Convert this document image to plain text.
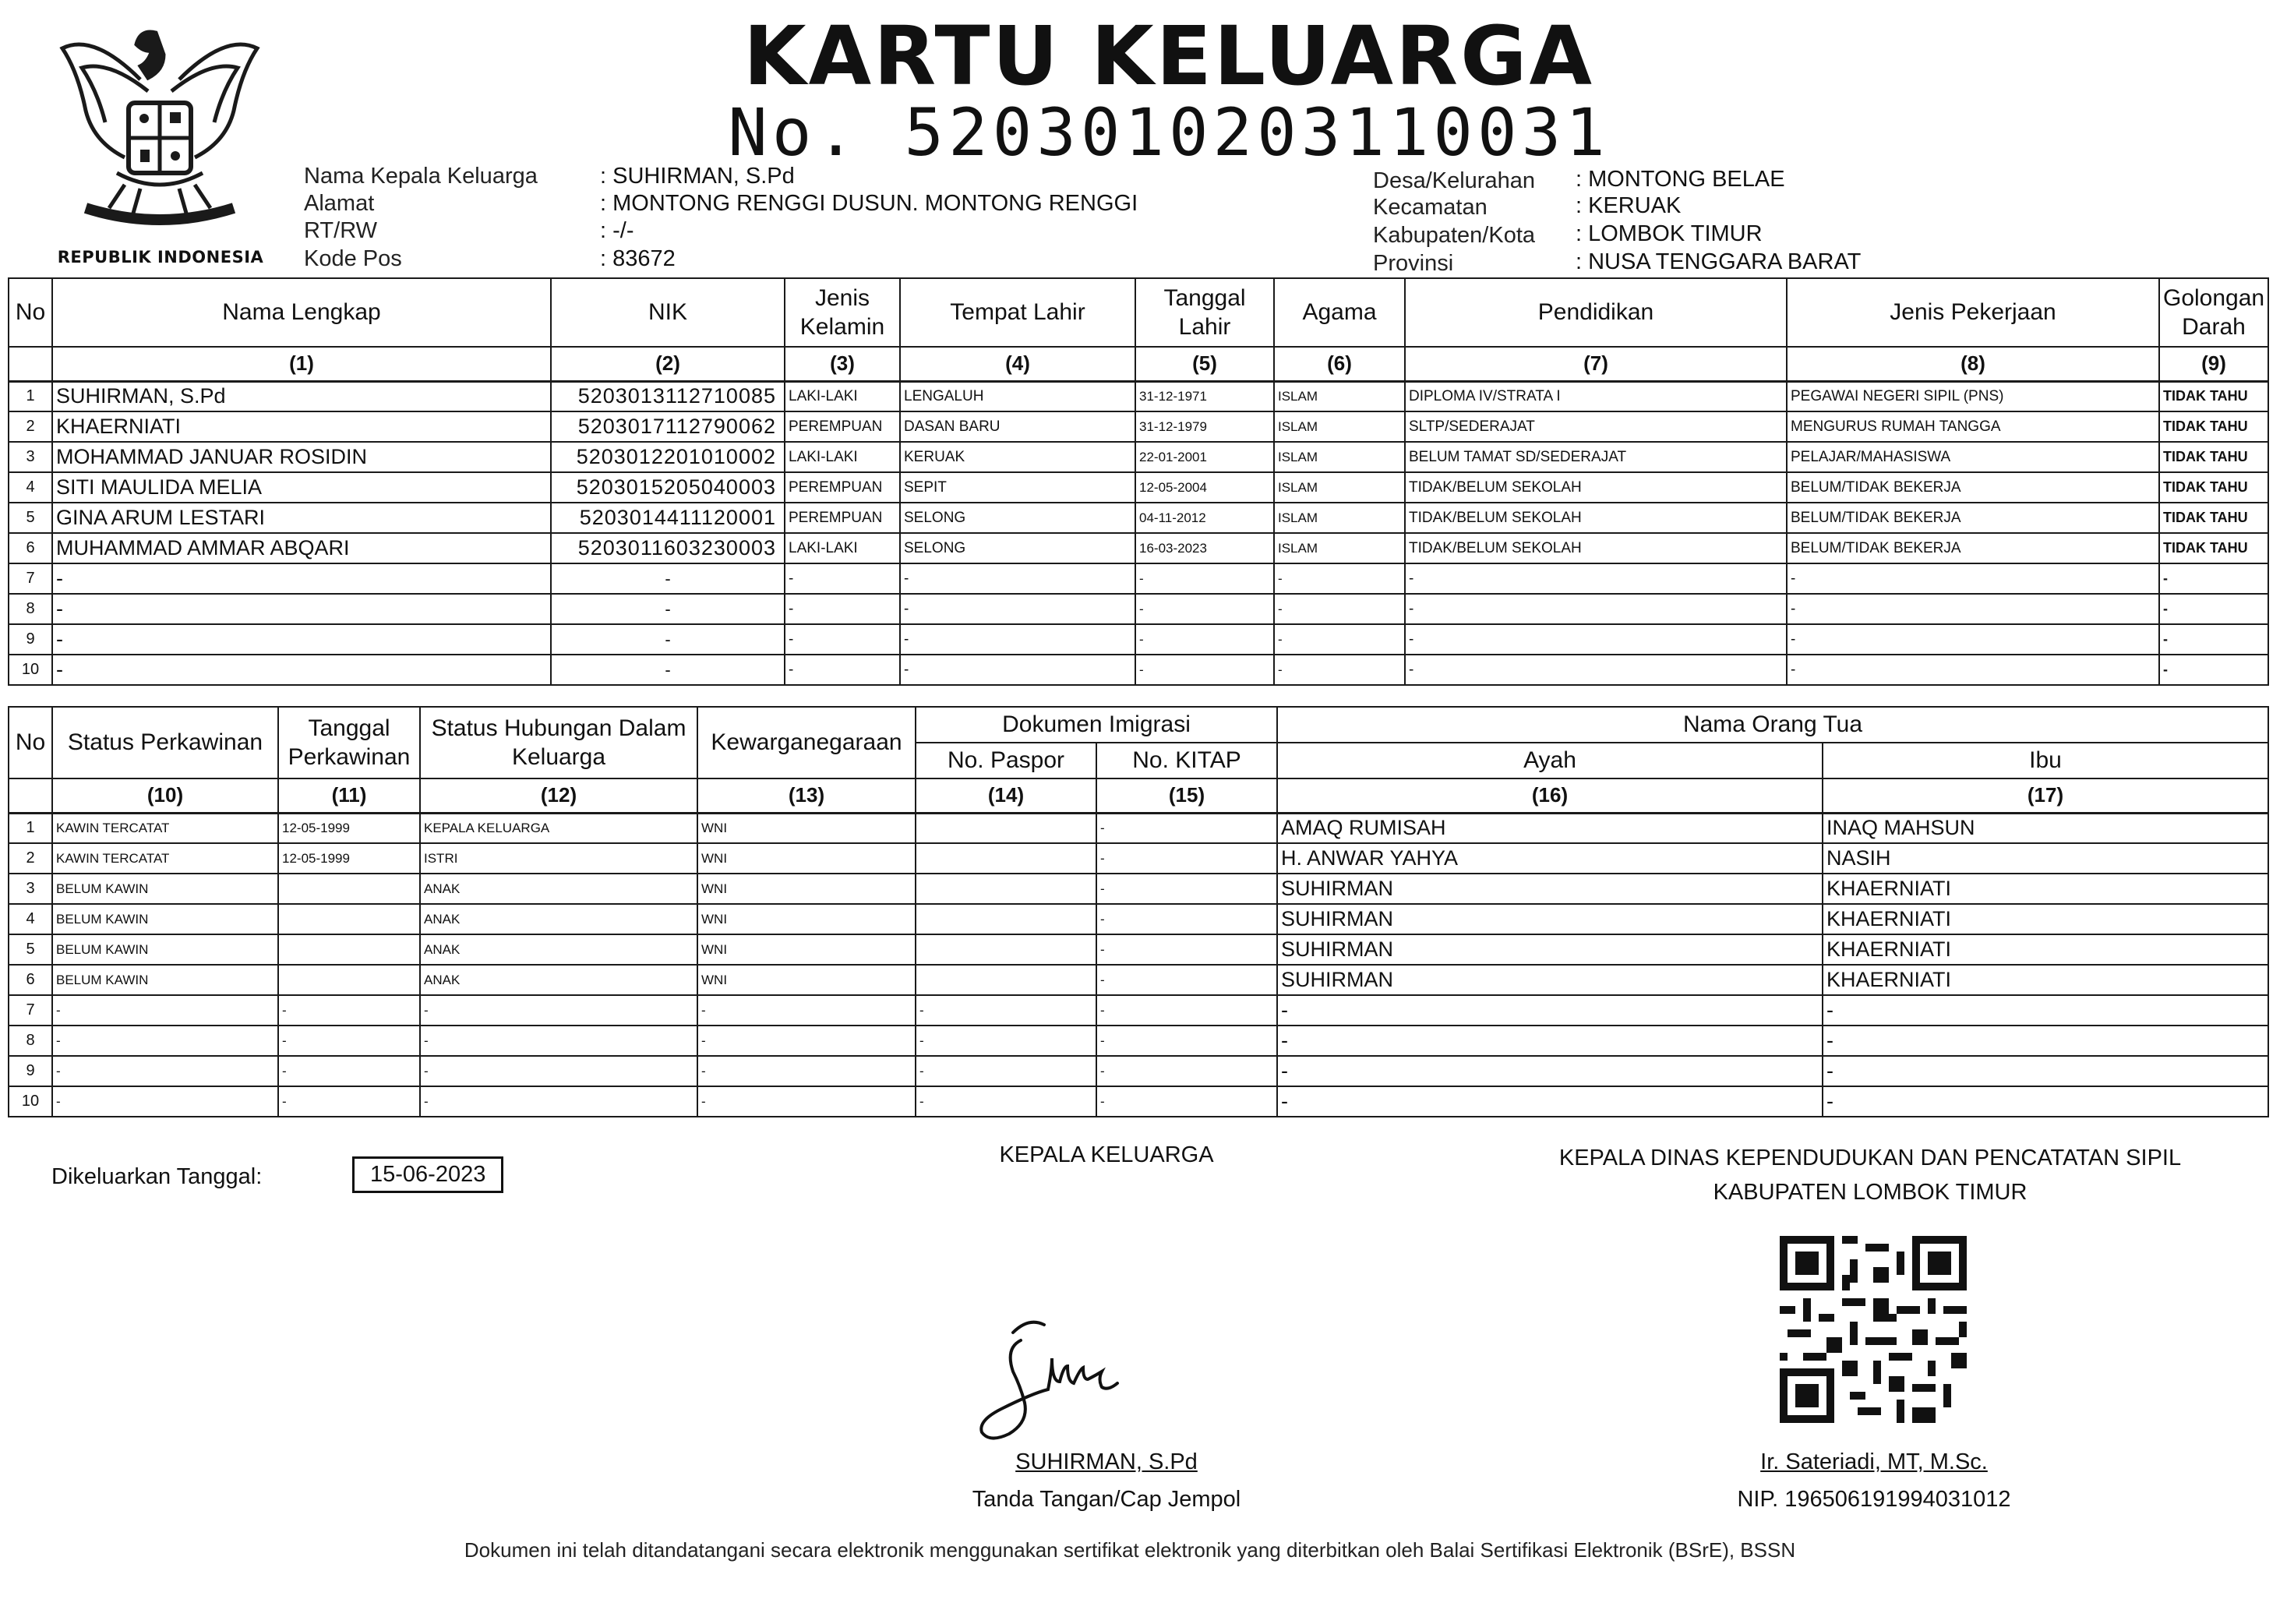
REPUBLIK INDONESIA
KARTU KELUARGA
No. 5203010203110031
Nama Kepala Keluarga	: SUHIRMAN, S.Pd
Alamat	: MONTONG RENGGI DUSUN. MONTONG RENGGI
RT/RW	: -/-
Kode Pos	: 83672
Desa/Kelurahan : MONTONG BELAE
Kecamatan	: KERUAK
Kabupaten/Kota : LOMBOK TIMUR
Provinsi	: NUSA TENGGARA BARAT
No	Nama Lengkap	NIK	Jenis Kelamin	Tempat Lahir	Tanggal Lahir	Agama	Pendidikan	Jenis Pekerjaan	Golongan Darah
	(1)	(2)	(3)	(4)	(5)	(6)	(7)	(8)	(9)
1	SUHIRMAN, S.Pd	5203013112710085	LAKI-LAKI	LENGALUH	31-12-1971	ISLAM	DIPLOMA IV/STRATA I	PEGAWAI NEGERI SIPIL (PNS)	TIDAK TAHU
2	KHAERNIATI	5203017112790062	PEREMPUAN	DASAN BARU	31-12-1979	ISLAM	SLTP/SEDERAJAT	MENGURUS RUMAH TANGGA	TIDAK TAHU
3	MOHAMMAD JANUAR ROSIDIN	5203012201010002	LAKI-LAKI	KERUAK	22-01-2001	ISLAM	BELUM TAMAT SD/SEDERAJAT	PELAJAR/MAHASISWA	TIDAK TAHU
4	SITI MAULIDA MELIA	5203015205040003	PEREMPUAN	SEPIT	12-05-2004	ISLAM	TIDAK/BELUM SEKOLAH	BELUM/TIDAK BEKERJA	TIDAK TAHU
5	GINA ARUM LESTARI	5203014411120001	PEREMPUAN	SELONG	04-11-2012	ISLAM	TIDAK/BELUM SEKOLAH	BELUM/TIDAK BEKERJA	TIDAK TAHU
6	MUHAMMAD AMMAR ABQARI	5203011603230003	LAKI-LAKI	SELONG	16-03-2023	ISLAM	TIDAK/BELUM SEKOLAH	BELUM/TIDAK BEKERJA	TIDAK TAHU
7	-	-	-	-	-	-	-	-	-
8	-	-	-	-	-	-	-	-	-
9	-	-	-	-	-	-	-	-	-
10	-	-	-	-	-	-	-	-	-
No	Status Perkawinan	Tanggal Perkawinan	Status Hubungan Dalam Keluarga	Kewarganegaraan	Dokumen Imigrasi		Nama Orang Tua	
					No. Paspor	No. KITAP	Ayah	Ibu
	(10)	(11)	(12)	(13)	(14)	(15)	(16)	(17)
1	KAWIN TERCATAT	12-05-1999	KEPALA KELUARGA	WNI		-	AMAQ RUMISAH	INAQ MAHSUN
2	KAWIN TERCATAT	12-05-1999	ISTRI	WNI		-	H. ANWAR YAHYA	NASIH
3	BELUM KAWIN		ANAK	WNI		-	SUHIRMAN	KHAERNIATI
4	BELUM KAWIN		ANAK	WNI		-	SUHIRMAN	KHAERNIATI
5	BELUM KAWIN		ANAK	WNI		-	SUHIRMAN	KHAERNIATI
6	BELUM KAWIN		ANAK	WNI		-	SUHIRMAN	KHAERNIATI
7	-	-	-	-	-	-	-	-
8	-	-	-	-	-	-	-	-
9	-	-	-	-	-	-	-	-
10	-	-	-	-	-	-	-	-
Dikeluarkan Tanggal:	15-06-2023
KEPALA KELUARGA
SUHIRMAN, S.Pd
Tanda Tangan/Cap Jempol
KEPALA DINAS KEPENDUDUKAN DAN PENCATATAN SIPIL
KABUPATEN LOMBOK TIMUR
Ir. Sateriadi, MT, M.Sc.
NIP. 196506191994031012
Dokumen ini telah ditandatangani secara elektronik menggunakan sertifikat elektronik yang diterbitkan oleh Balai Sertifikasi Elektronik (BSrE), BSSN
